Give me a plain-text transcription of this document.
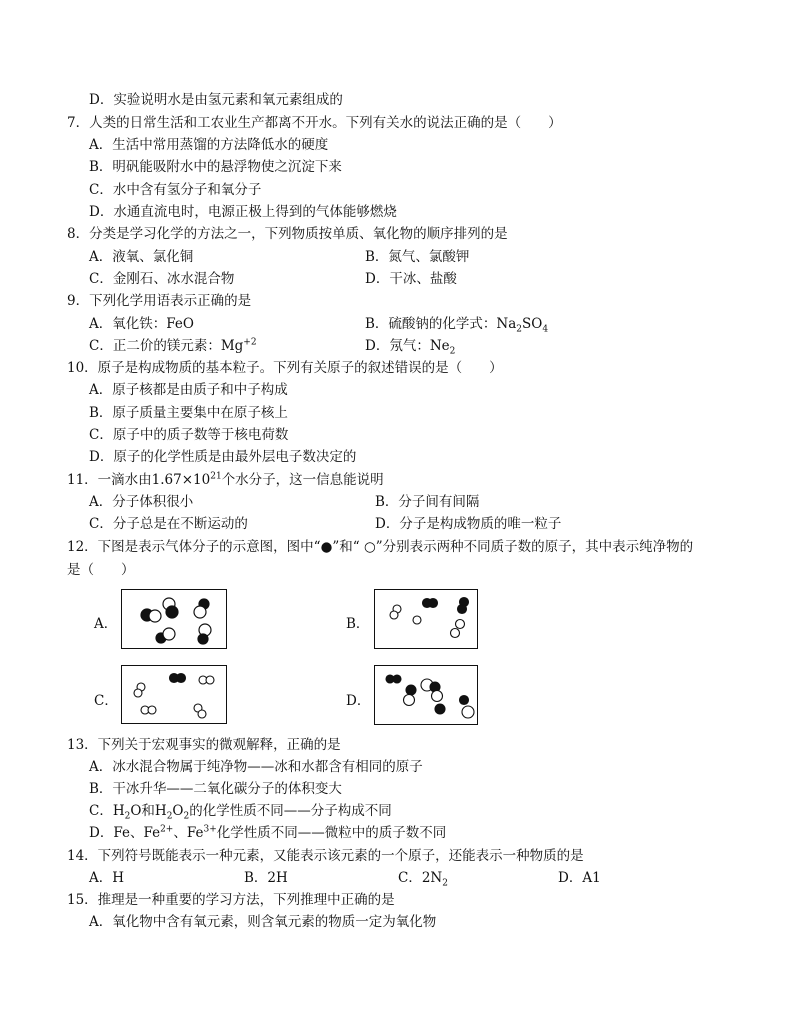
D．实验说明水是由氢元素和氧元素组成的
7．人类的日常生活和工农业生产都离不开水。下列有关水的说法正确的是（　　）
A．生活中常用蒸馏的方法降低水的硬度
B．明矾能吸附水中的悬浮物使之沉淀下来
C．水中含有氢分子和氧分子
D．水通直流电时，电源正极上得到的气体能够燃烧
8．分类是学习化学的方法之一，下列物质按单质、氧化物的顺序排列的是
A．液氧、氯化铜	B．氮气、氯酸钾
C．金刚石、冰水混合物	D．干冰、盐酸
9．下列化学用语表示正确的是
A．氧化铁：FeO	B．硫酸钠的化学式：$Na_2SO_4$
C．正二价的镁元素：$Mg^{+2}$	D．氖气：$Ne_2$
10．原子是构成物质的基本粒子。下列有关原子的叙述错误的是（　　）
A．原子核都是由质子和中子构成
B．原子质量主要集中在原子核上
C．原子中的质子数等于核电荷数
D．原子的化学性质是由最外层电子数决定的
11．一滴水由$1.67\times 10^{21}$个水分子，这一信息能说明
A．分子体积很小	B．分子间有间隔
C．分子总是在不断运动的	D．分子是构成物质的唯一粒子
12．下图是表示气体分子的示意图，图中“●”和“ ○”分别表示两种不同质子数的原子，其中表示纯净物的
是（　　）
A．	B．
C．	D．
13．下列关于宏观事实的微观解释，正确的是
A．冰水混合物属于纯净物——冰和水都含有相同的原子
B．干冰升华——二氧化碳分子的体积变大
C．$H_2O$和$H_2O_2$的化学性质不同——分子构成不同
D．Fe、$Fe^{2+}$、$Fe^{3+}$化学性质不同——微粒中的质子数不同
14．下列符号既能表示一种元素，又能表示该元素的一个原子，还能表示一种物质的是
A．H	B．2H	C．$2N_2$	D．A1
15．推理是一种重要的学习方法，下列推理中正确的是
A．氧化物中含有氧元素，则含氧元素的物质一定为氧化物
